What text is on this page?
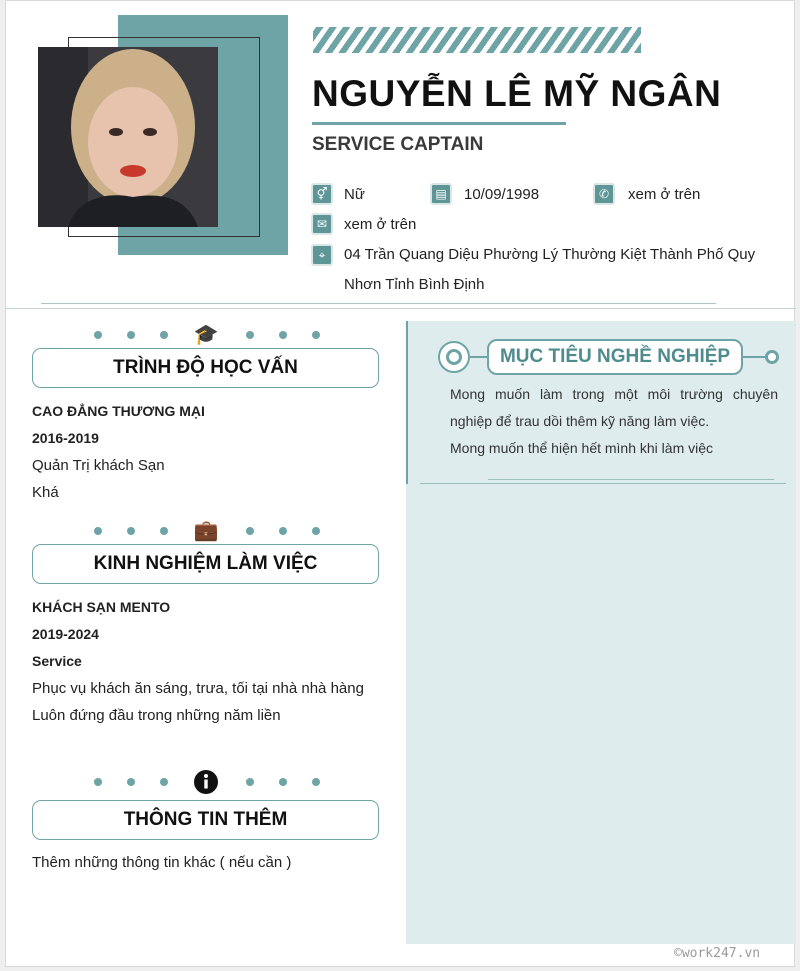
NGUYỄN LÊ MỸ NGÂN
SERVICE CAPTAIN
⚥	Nữ	▤	10/09/1998	✆	xem ở trên
✉	xem ở trên
⌖	04 Trần Quang Diệu Phường Lý Thường Kiệt Thành Phố Quy
Nhơn Tỉnh Bình Định
MỤC TIÊU NGHỀ NGHIỆP
Mong muốn làm trong một môi trường chuyên nghiệp để trau dồi thêm kỹ năng làm việc.
Mong muốn thể hiện hết mình khi làm việc
🎓
TRÌNH ĐỘ HỌC VẤN
CAO ĐẲNG THƯƠNG MẠI
2016-2019
Quản Trị khách Sạn
Khá
💼
KINH NGHIỆM LÀM VIỆC
KHÁCH SẠN MENTO
2019-2024
Service
Phục vụ khách ăn sáng, trưa, tối tại nhà nhà hàng
Luôn đứng đầu trong những năm liền
THÔNG TIN THÊM
Thêm những thông tin khác ( nếu cần )
©work247.vn
